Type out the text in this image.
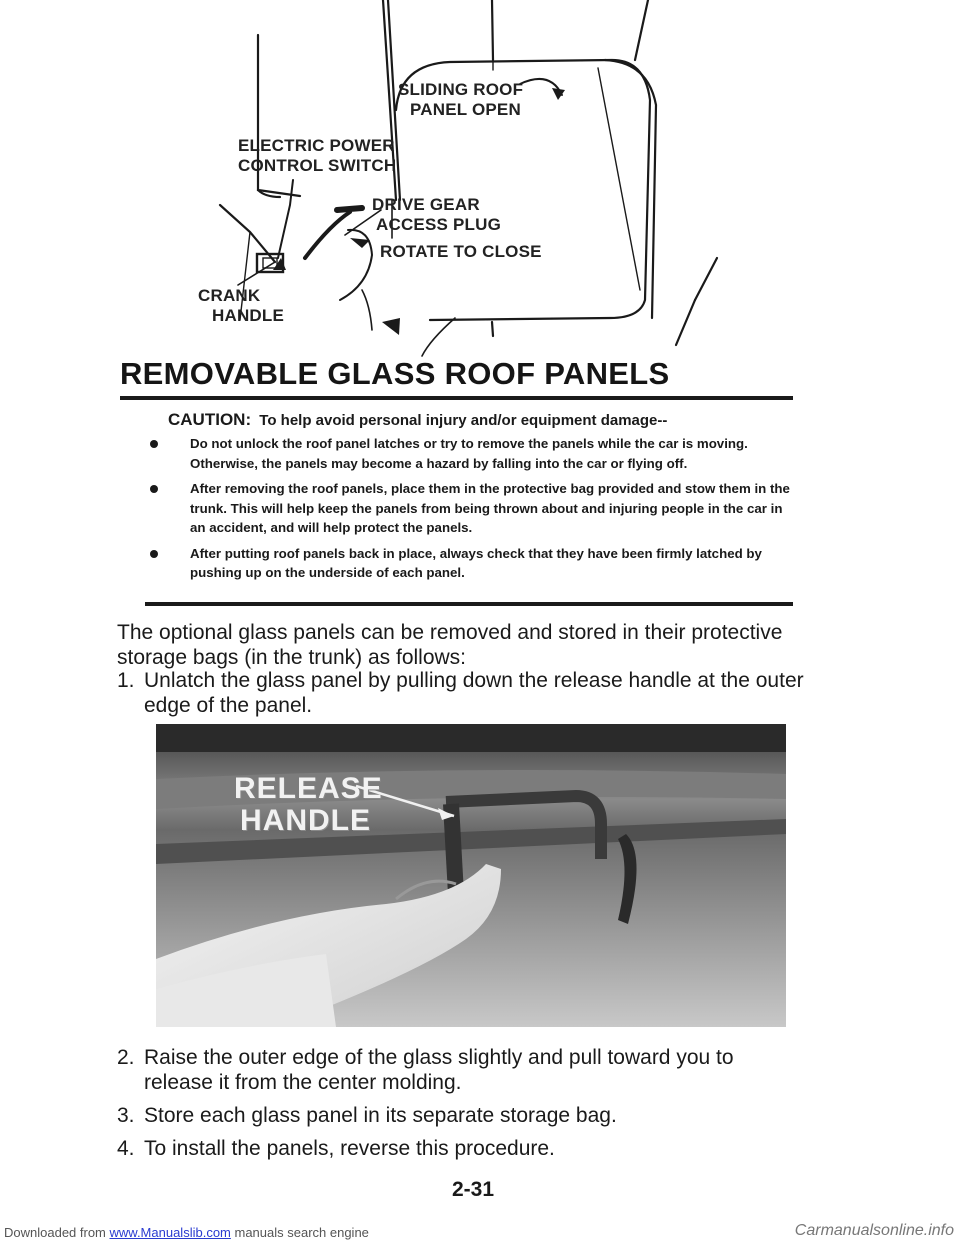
SLIDING ROOF
PANEL OPEN
ELECTRIC POWER
CONTROL SWITCH
DRIVE GEAR
ACCESS PLUG
ROTATE TO CLOSE
CRANK
HANDLE
REMOVABLE GLASS ROOF PANELS
CAUTION: To help avoid personal injury and/or equipment damage--
Do not unlock the roof panel latches or try to remove the panels while the car is moving. Otherwise, the panels may become a hazard by falling into the car or flying off.
After removing the roof panels, place them in the protective bag provided and stow them in the trunk. This will help keep the panels from being thrown about and injuring people in the car in an accident, and will help protect the panels.
After putting roof panels back in place, always check that they have been firmly latched by pushing up on the underside of each panel.
The optional glass panels can be removed and stored in their protective storage bags (in the trunk) as follows:
1. Unlatch the glass panel by pulling down the release handle at the outer edge of the panel.
RELEASE
HANDLE
2. Raise the outer edge of the glass slightly and pull toward you to release it from the center molding.
3. Store each glass panel in its separate storage bag.
4. To install the panels, reverse this procedure.
2-31
Downloaded from www.Manualslib.com manuals search engine	Carmanualsonline.info
